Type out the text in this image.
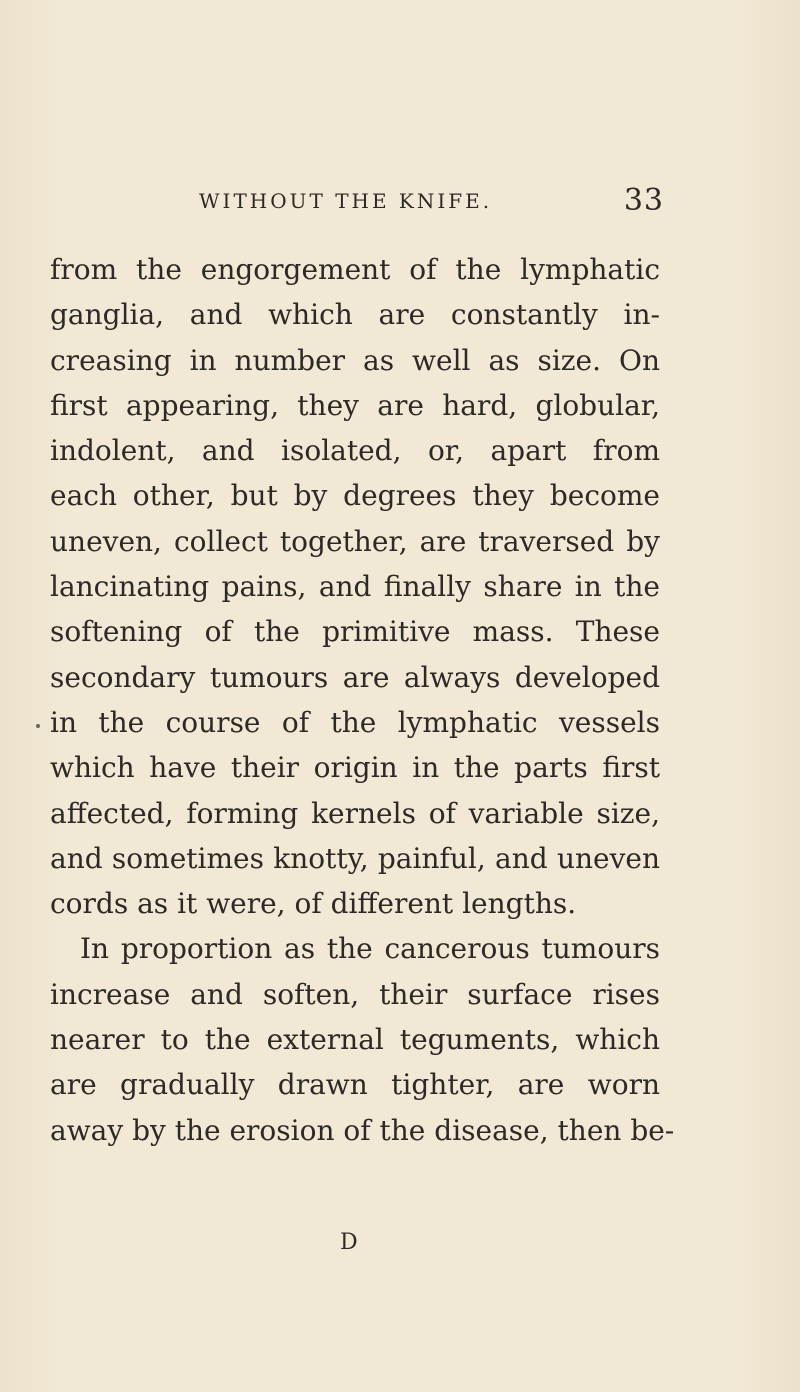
WITHOUT THE KNIFE.	33
from the engorgement of the lymphatic
ganglia, and which are constantly in-
creasing in number as well as size. On
first appearing, they are hard, globular,
indolent, and isolated, or, apart from
each other, but by degrees they become
uneven, collect together, are traversed by
lancinating pains, and finally share in the
softening of the primitive mass. These
secondary tumours are always developed
in the course of the lymphatic vessels
which have their origin in the parts first
affected, forming kernels of variable size,
and sometimes knotty, painful, and uneven
cords as it were, of different lengths.
In proportion as the cancerous tumours
increase and soften, their surface rises
nearer to the external teguments, which
are gradually drawn tighter, are worn
away by the erosion of the disease, then be-
D
